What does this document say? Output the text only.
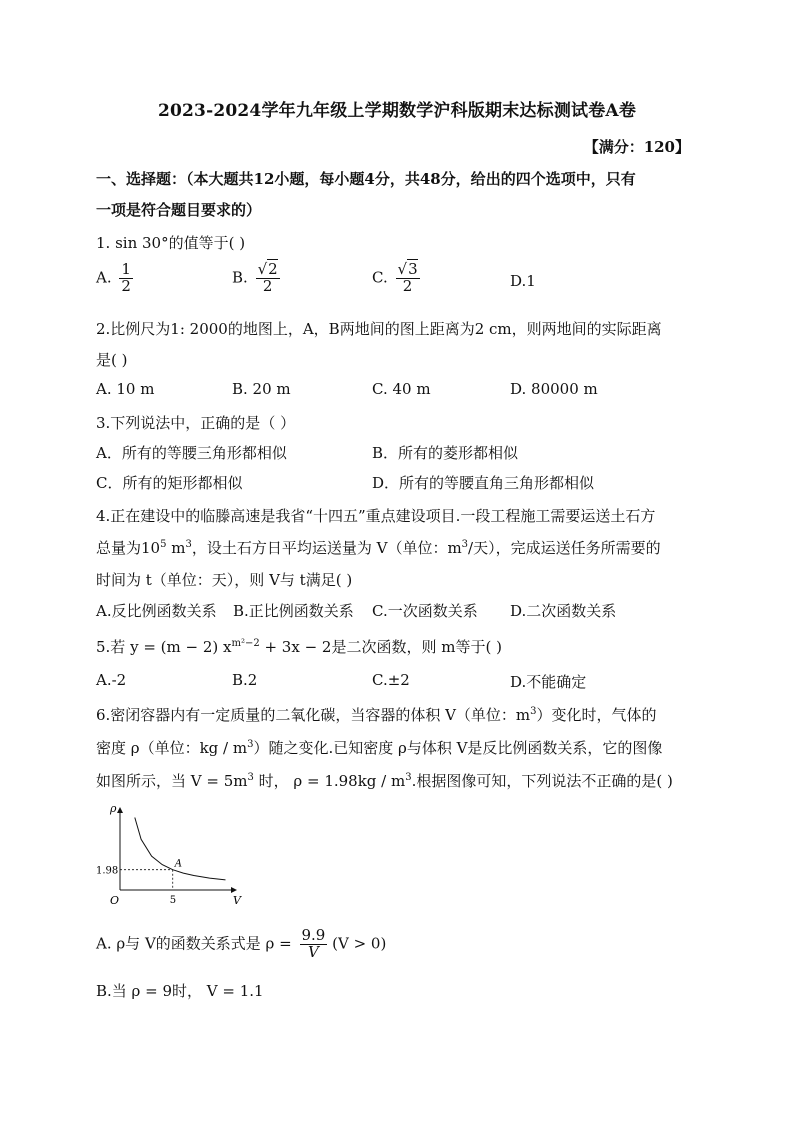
2023-2024学年九年级上学期数学沪科版期末达标测试卷A卷
【满分：120】
一、选择题：（本大题共12小题，每小题4分，共48分，给出的四个选项中，只有
一项是符合题目要求的）
1. sin 30°的值等于( )
A. $\frac{1}{2}$	B. $\frac{√2}{2}$	C. $\frac{√3}{2}$	D.1
2.比例尺为1: 2000的地图上，A，B两地间的图上距离为2 cm，则两地间的实际距离
是( )
A. 10 m	B. 20 m	C. 40 m	D. 80000 m
3.下列说法中，正确的是（ ）
A．所有的等腰三角形都相似	B．所有的菱形都相似
C．所有的矩形都相似	D．所有的等腰直角三角形都相似
4.正在建设中的临滕高速是我省“十四五”重点建设项目.一段工程施工需要运送土石方
总量为$10^5$ $m^3$，设土石方日平均运送量为 V（单位：$m^3/$天），完成运送任务所需要的
时间为 t（单位：天），则 V与 t满足( )
A.反比例函数关系 B.正比例函数关系 C.一次函数关系 D.二次函数关系
5.若 y = (m − 2) $x^{m^2-2} + 3x - 2$是二次函数，则 m等于( )
A.-2	B.2	C.±2	D.不能确定
6.密闭容器内有一定质量的二氧化碳，当容器的体积 V（单位：$m^3$）变化时，气体的
密度 ρ（单位：kg / $m^3$）随之变化.已知密度 ρ与体积 V是反比例函数关系，它的图像
如图所示，当 $V = 5m^3$ 时， $\rho = 1.98kg / m^3$.根据图像可知，下列说法不正确的是( )
ρ
V
O	5
1.98
A
A. ρ与 V的函数关系式是 $\rho = \frac{9.9}{V} (V > 0)$
B.当 ρ = 9时， V = 1.1
